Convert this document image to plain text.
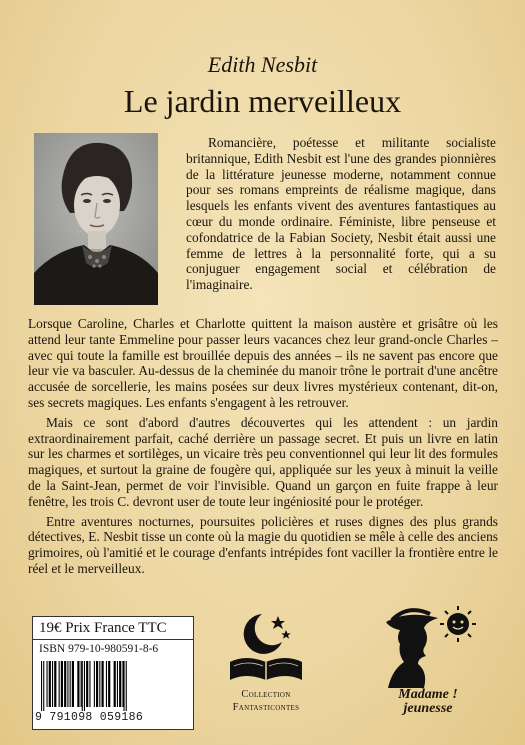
Edith Nesbit
Le jardin merveilleux

Romancière, poétesse et militante socialiste britannique, Edith Nesbit est l'une des grandes pionnières de la littérature jeunesse moderne, notamment connue pour ses romans empreints de réalisme magique, dans lesquels les enfants vivent des aventures fantastiques au cœur du monde ordinaire. Féministe, libre penseuse et cofondatrice de la Fabian Society, Nesbit était aussi une femme de lettres à la personnalité forte, qui a su conjuguer engagement social et célébration de l'imaginaire.

Lorsque Caroline, Charles et Charlotte quittent la maison austère et grisâtre où les attend leur tante Emmeline pour passer leurs vacances chez leur grand-oncle Charles – avec qui toute la famille est brouillée depuis des années – ils ne savent pas encore que leur vie va basculer. Au-dessus de la cheminée du manoir trône le portrait d'une ancêtre accusée de sorcellerie, les mains posées sur deux livres mystérieux contenant, dit-on, ses secrets magiques. Les enfants s'engagent à les retrouver.

Mais ce sont d'abord d'autres découvertes qui les attendent : un jardin extraordinairement parfait, caché derrière un passage secret. Et puis un livre en latin sur les charmes et sortilèges, un vicaire très peu conventionnel qui leur lit des formules magiques, et surtout la graine de fougère qui, appliquée sur les yeux à minuit la veille de la Saint-Jean, permet de voir l'invisible. Quand un garçon en fuite frappe à leur fenêtre, les trois C. devront user de toute leur ingéniosité pour le protéger.

Entre aventures nocturnes, poursuites policières et ruses dignes des plus grands détectives, E. Nesbit tisse un conte où la magie du quotidien se mêle à celle des anciens grimoires, où l'amitié et le courage d'enfants intrépides font vaciller la frontière entre le réel et le merveilleux.

19€ Prix France TTC
ISBN 979-10-980591-8-6
9 791098 059186
Collection
Fantasticontes
Madame !
jeunesse
